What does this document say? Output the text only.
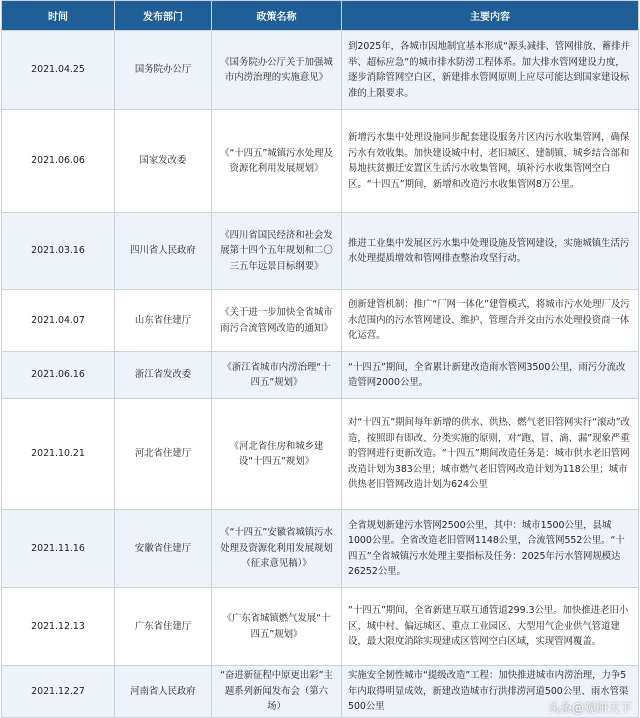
时间	发布部门	政策名称	主要内容
2021.04.25	国务院办公厅	《国务院办公厅关于加强城市内涝治理的实施意见》	到2025年，各城市因地制宜基本形成“源头减排、管网排放、蓄排并举、超标应急”的城市排水防涝工程体系。加大排水管网建设力度，逐步消除管网空白区，新建排水管网原则上应尽可能达到国家建设标准的上限要求。
2021.06.06	国家发改委	《“十四五”城镇污水处理及资源化利用发展规划》	新增污水集中处理设施同步配套建设服务片区内污水收集管网，确保污水有效收集。加快建设城中村、老旧城区、建制镇、城乡结合部和易地扶贫搬迁安置区生活污水收集管网，填补污水收集管网空白区。“十四五”期间，新增和改造污水收集管网8万公里。
2021.03.16	四川省人民政府	《四川省国民经济和社会发展第十四个五年规划和二〇三五年远景目标纲要》	推进工业集中发展区污水集中处理设施及管网建设，实施城镇生活污水处理提质增效和管网排查整治攻坚行动。
2021.04.07	山东省住建厅	《关于进一步加快全省城市雨污合流管网改造的通知》	创新建管机制：推广“厂网一体化”建管模式，将城市污水处理厂及污水范围内的污水管网建设、维护、管理合并交由污水处理投资商一体化运营。
2021.06.16	浙江省发改委	《浙江省城市内涝治理“十四五”规划》	“十四五”期间，全省累计新建改造雨水管网3500公里，雨污分流改造管网2000公里。
2021.10.21	河北省住建厅	《河北省住房和城乡建设“十四五”规划》	对“十四五”期间每年新增的供水、供热、燃气老旧管网实行“滚动”改造，按照即有即改、分类实施的原则，对“跑、冒、滴、漏”现象严重的管网进行更新改造。“十四五”期间改造任务是：城市供水老旧管网改造计划为383公里；城市燃气老旧管网改造计划为118公里；城市供热老旧管网改造计划为624公里
2021.11.16	安徽省住建厅	《“十四五”安徽省城镇污水处理及资源化利用发展规划（征求意见稿）》	全省规划新建污水管网2500公里，其中：城市1500公里，县城1000公里。全省改造老旧管网1148公里，合流管网552公里。“十四五”全省城镇污水处理主要指标及任务：2025年污水管网规模达26252公里。
2021.12.13	广东省住建厅	《广东省城镇燃气发展“十四五”规划》	“十四五”期间，全省新建互联互通管道299.3公里。加快推进老旧小区、城中村、偏远城区、重点工业园区、大型用气企业供气管道建设，最大限度消除实现建成区管网空白区域，实现管网覆盖。
2021.12.27	河南省人民政府	“奋进新征程中原更出彩”主题系列新闻发布会（第六场）	实施安全韧性城市“提级改造”工程：加快推进城市内涝治理，力争5年内取得明显成效，新建改造城市行洪排涝河道500公里、雨水管渠500公里	头条@观研天下
